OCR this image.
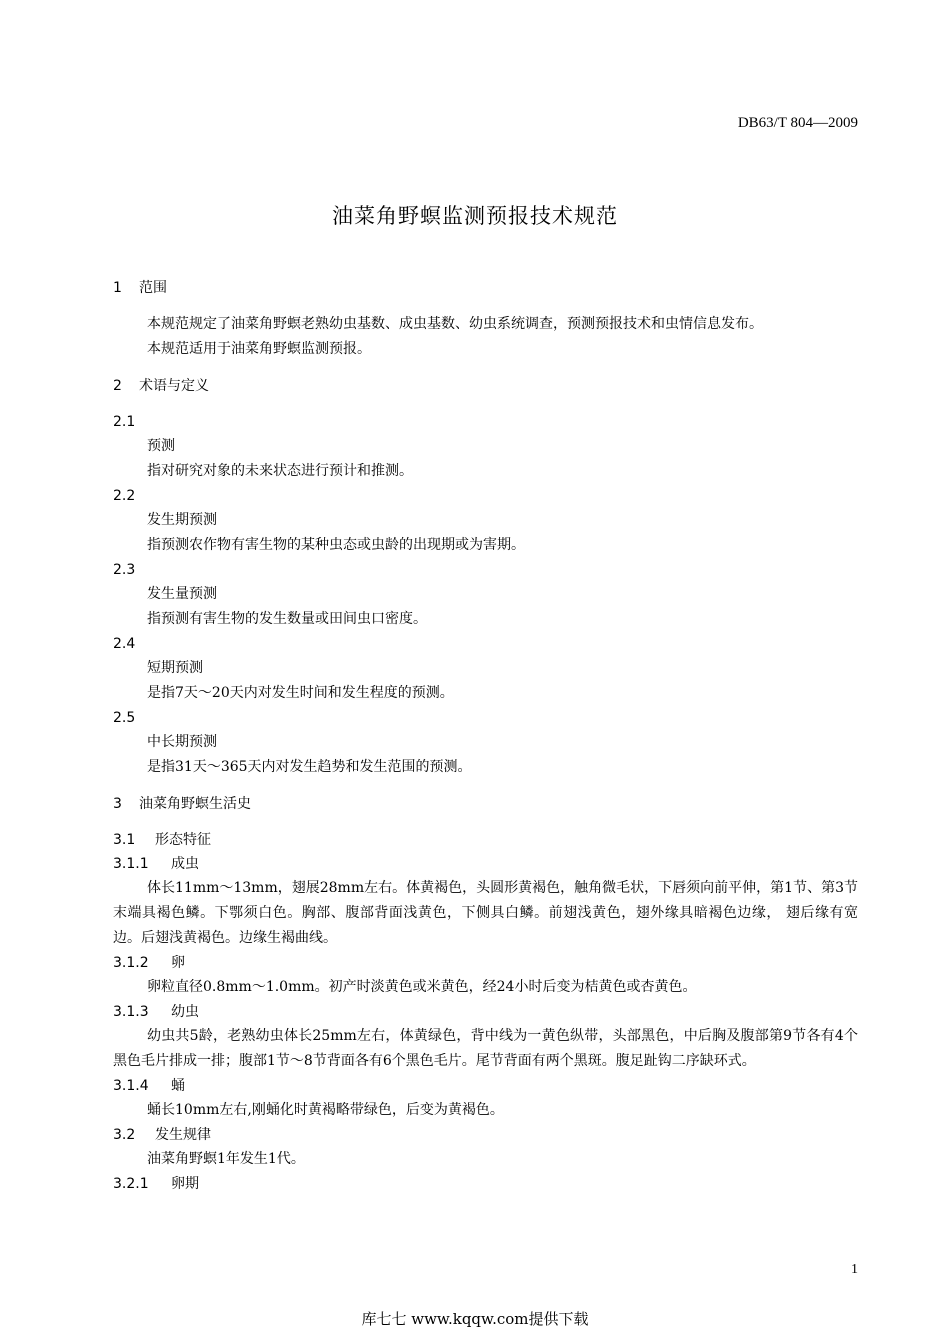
DB63/T 804—2009
油菜角野螟监测预报技术规范
1 范围
本规范规定了油菜角野螟老熟幼虫基数、成虫基数、幼虫系统调查，预测预报技术和虫情信息发布。
本规范适用于油菜角野螟监测预报。
2 术语与定义
2.1
预测
指对研究对象的未来状态进行预计和推测。
2.2
发生期预测
指预测农作物有害生物的某种虫态或虫龄的出现期或为害期。
2.3
发生量预测
指预测有害生物的发生数量或田间虫口密度。
2.4
短期预测
是指7天～20天内对发生时间和发生程度的预测。
2.5
中长期预测
是指31天～365天内对发生趋势和发生范围的预测。
3 油菜角野螟生活史
3.1 形态特征
3.1.1 成虫
体长11mm～13mm，翅展28mm左右。体黄褐色，头圆形黄褐色，触角微毛状，下唇须向前平伸，第1节、第3节末端具褐色鳞。下鄂须白色。胸部、腹部背面浅黄色，下侧具白鳞。前翅浅黄色，翅外缘具暗褐色边缘， 翅后缘有宽边。后翅浅黄褐色。边缘生褐曲线。
3.1.2 卵
卵粒直径0.8mm～1.0mm。初产时淡黄色或米黄色，经24小时后变为桔黄色或杏黄色。
3.1.3 幼虫
幼虫共5龄，老熟幼虫体长25mm左右，体黄绿色，背中线为一黄色纵带，头部黑色，中后胸及腹部第9节各有4个黑色毛片排成一排；腹部1节～8节背面各有6个黑色毛片。尾节背面有两个黑斑。腹足趾钩二序缺环式。
3.1.4 蛹
蛹长10mm左右,刚蛹化时黄褐略带绿色，后变为黄褐色。
3.2 发生规律
油菜角野螟1年发生1代。
3.2.1 卵期
1
库七七 www.kqqw.com提供下载
